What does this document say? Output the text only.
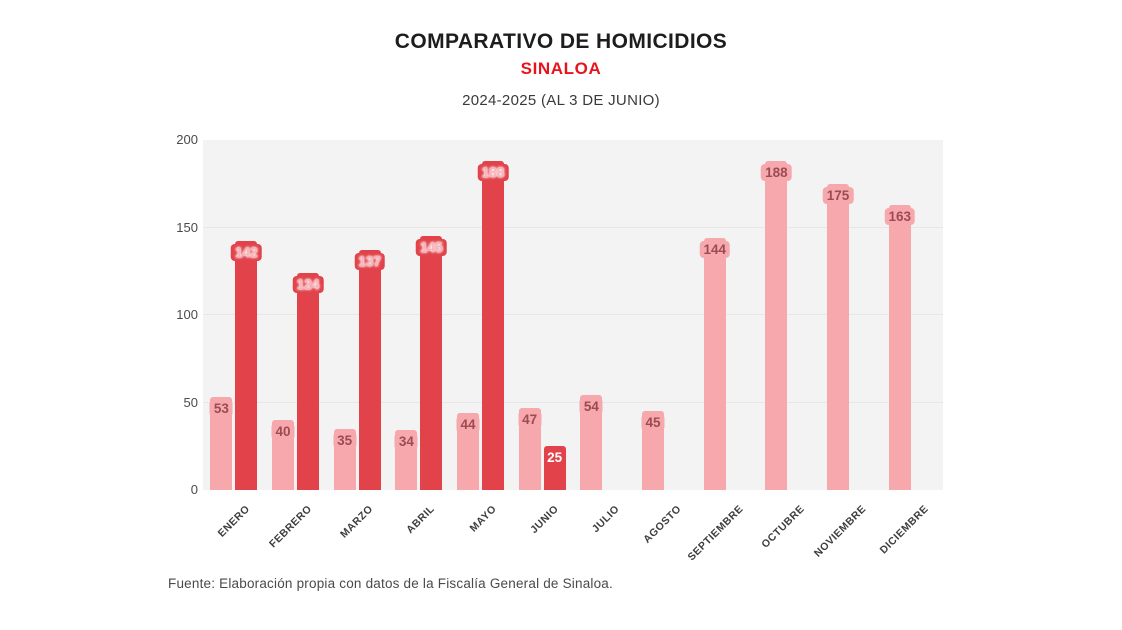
COMPARATIVO DE HOMICIDIOS
SINALOA
2024-2025 (AL 3 DE JUNIO)
0
50
100
150
200
53
142
40
124
35
137
34
145
44
188
47
25
54
45
144
188
175
163
ENERO FEBRERO MARZO	ABRIL	MAYO	JUNIO	JULIO AGOSTO SEPTIEMBRE OCTUBRE NOVIEMBRE DICIEMBRE
Fuente: Elaboración propia con datos de la Fiscalía General de Sinaloa.
